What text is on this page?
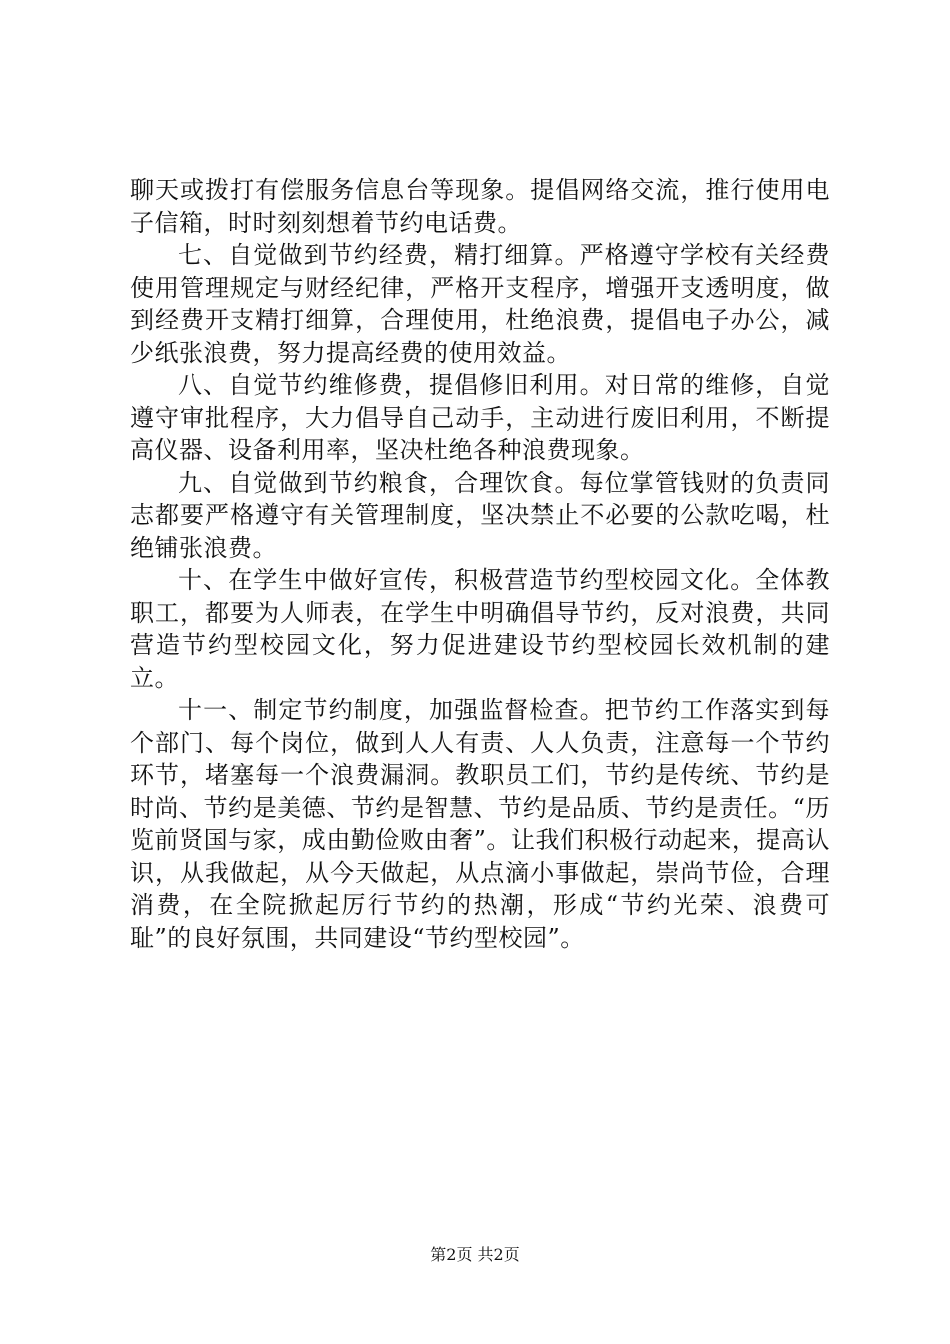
聊天或拨打有偿服务信息台等现象。提倡网络交流，推行使用电子信箱，时时刻刻想着节约电话费。

七、自觉做到节约经费，精打细算。严格遵守学校有关经费使用管理规定与财经纪律，严格开支程序，增强开支透明度，做到经费开支精打细算，合理使用，杜绝浪费，提倡电子办公，减少纸张浪费，努力提高经费的使用效益。

八、自觉节约维修费，提倡修旧利用。对日常的维修，自觉遵守审批程序，大力倡导自己动手，主动进行废旧利用，不断提高仪器、设备利用率，坚决杜绝各种浪费现象。

九、自觉做到节约粮食，合理饮食。每位掌管钱财的负责同志都要严格遵守有关管理制度，坚决禁止不必要的公款吃喝，杜绝铺张浪费。

十、在学生中做好宣传，积极营造节约型校园文化。全体教职工，都要为人师表，在学生中明确倡导节约，反对浪费，共同营造节约型校园文化，努力促进建设节约型校园长效机制的建立。

十一、制定节约制度，加强监督检查。把节约工作落实到每个部门、每个岗位，做到人人有责、人人负责，注意每一个节约环节，堵塞每一个浪费漏洞。教职员工们，节约是传统、节约是时尚、节约是美德、节约是智慧、节约是品质、节约是责任。“历览前贤国与家，成由勤俭败由奢”。让我们积极行动起来，提高认识，从我做起，从今天做起，从点滴小事做起，崇尚节俭，合理消费，在全院掀起厉行节约的热潮，形成“节约光荣、浪费可耻”的良好氛围，共同建设“节约型校园”。

第2页 共2页
